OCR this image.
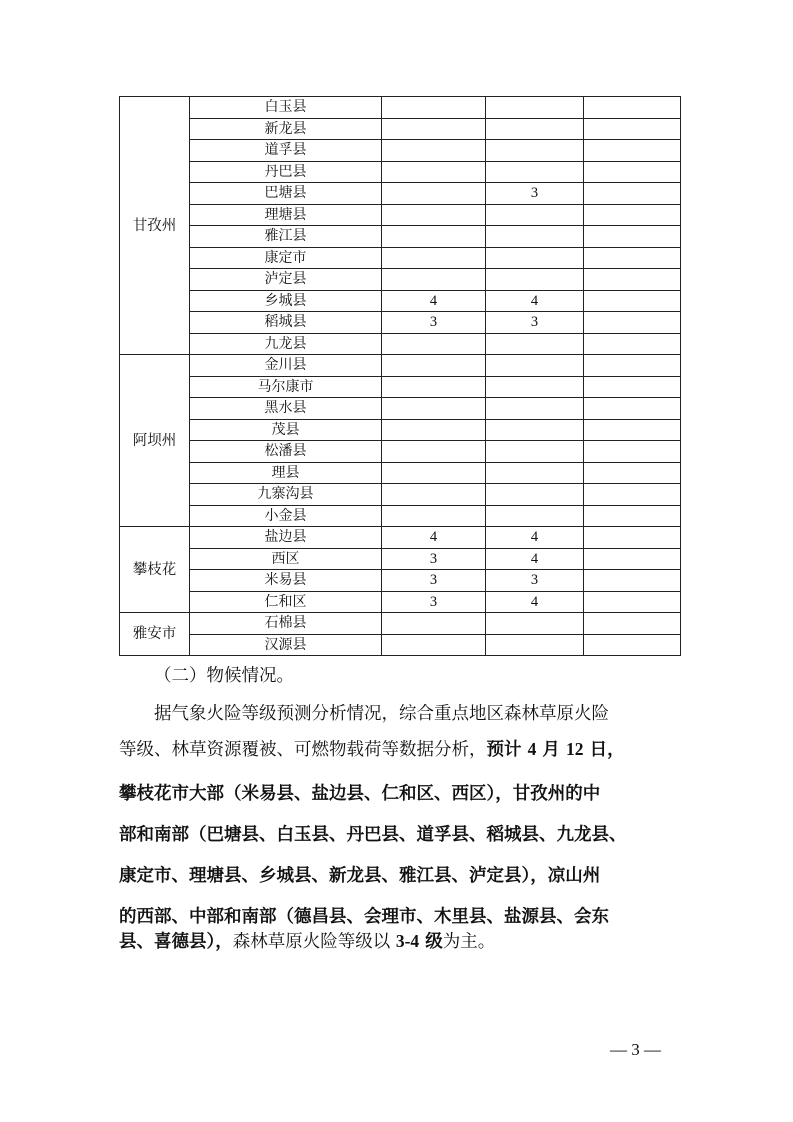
甘孜州	白玉县			
	新龙县			
	道孚县			
	丹巴县			
	巴塘县		3	
	理塘县			
	雅江县			
	康定市			
	泸定县			
	乡城县	4	4	
	稻城县	3	3	
	九龙县			
阿坝州	金川县			
	马尔康市			
	黑水县			
	茂县			
	松潘县			
	理县			
	九寨沟县			
	小金县			
攀枝花	盐边县	4	4	
	西区	3	4	
	米易县	3	3	
	仁和区	3	4	
雅安市	石棉县			
	汉源县			
（二）物候情况。
据气象火险等级预测分析情况，综合重点地区森林草原火险
等级、林草资源覆被、可燃物载荷等数据分析，预计 4 月 12 日，
攀枝花市大部（米易县、盐边县、仁和区、西区），甘孜州的中
部和南部（巴塘县、白玉县、丹巴县、道孚县、稻城县、九龙县、
康定市、理塘县、乡城县、新龙县、雅江县、泸定县），凉山州
的西部、中部和南部（德昌县、会理市、木里县、盐源县、会东
县、喜德县），森林草原火险等级以 3-4 级为主。
— 3 —
